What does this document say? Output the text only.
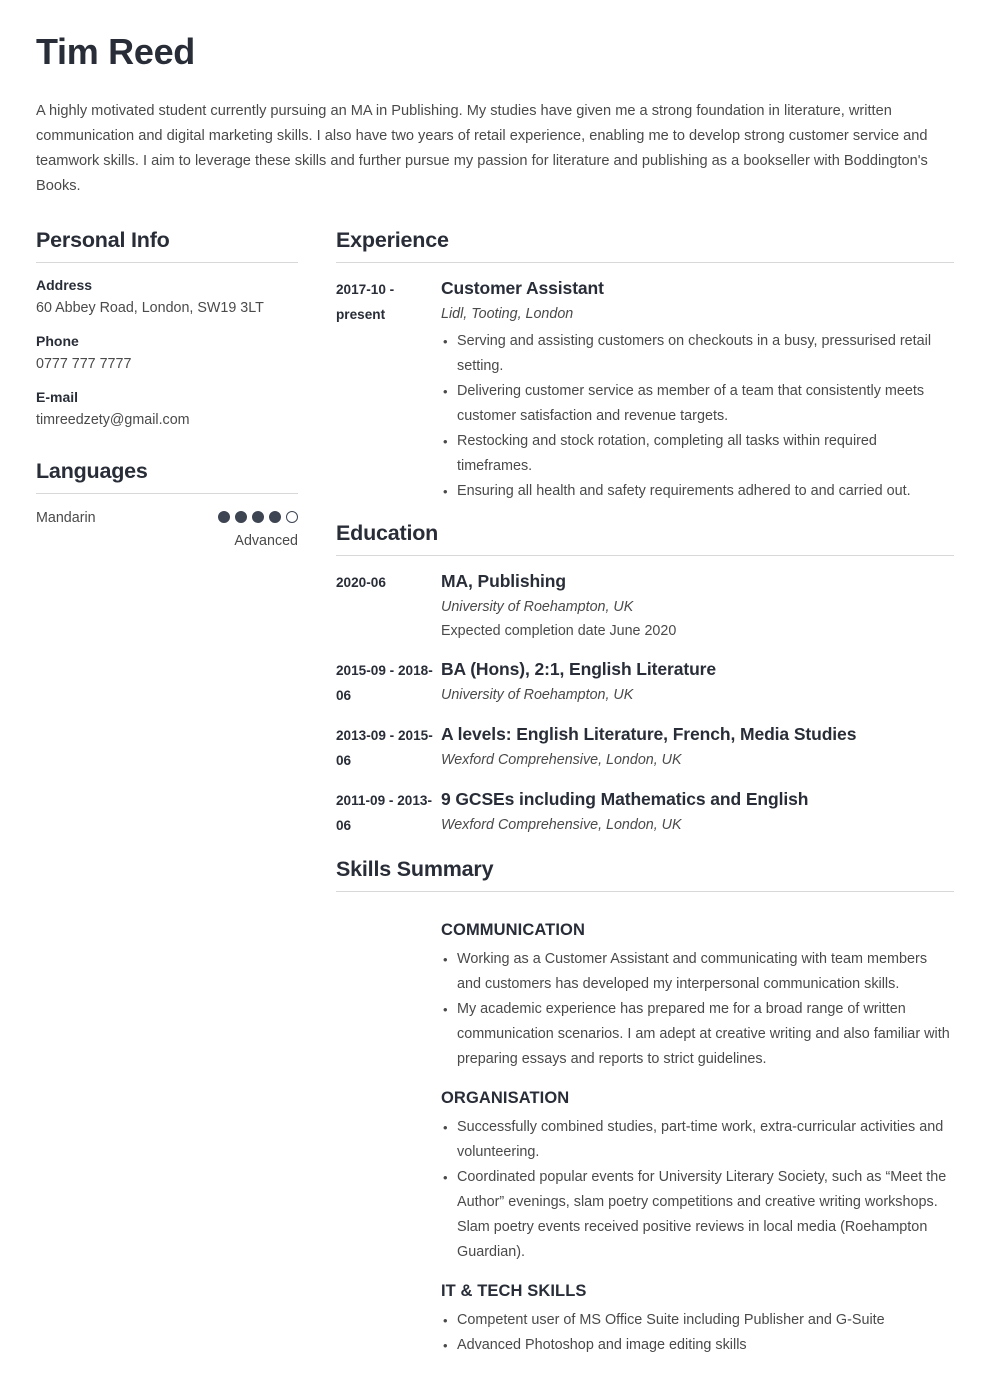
Tim Reed

A highly motivated student currently pursuing an MA in Publishing. My studies have given me a strong foundation in literature, written communication and digital marketing skills. I also have two years of retail experience, enabling me to develop strong customer service and teamwork skills. I aim to leverage these skills and further pursue my passion for literature and publishing as a bookseller with Boddington's Books.

Personal Info
Address
60 Abbey Road, London, SW19 3LT
Phone
0777 777 7777
E-mail
timreedzety@gmail.com
Languages
Mandarin
Advanced
Experience
2017-10 - present
Customer Assistant
Lidl, Tooting, London
• Serving and assisting customers on checkouts in a busy, pressurised retail setting.
• Delivering customer service as member of a team that consistently meets customer satisfaction and revenue targets.
• Restocking and stock rotation, completing all tasks within required timeframes.
• Ensuring all health and safety requirements adhered to and carried out.
Education
2020-06	MA, Publishing
University of Roehampton, UK
Expected completion date June 2020
2015-09 - 2018-06
BA (Hons), 2:1, English Literature
University of Roehampton, UK
2013-09 - 2015-06
A levels: English Literature, French, Media Studies
Wexford Comprehensive, London, UK
2011-09 - 2013-06
9 GCSEs including Mathematics and English
Wexford Comprehensive, London, UK
Skills Summary
COMMUNICATION
• Working as a Customer Assistant and communicating with team members and customers has developed my interpersonal communication skills.
• My academic experience has prepared me for a broad range of written communication scenarios. I am adept at creative writing and also familiar with preparing essays and reports to strict guidelines.
ORGANISATION
• Successfully combined studies, part-time work, extra-curricular activities and volunteering.
• Coordinated popular events for University Literary Society, such as “Meet the Author” evenings, slam poetry competitions and creative writing workshops. Slam poetry events received positive reviews in local media (Roehampton Guardian).
IT & TECH SKILLS
• Competent user of MS Office Suite including Publisher and G-Suite
• Advanced Photoshop and image editing skills
